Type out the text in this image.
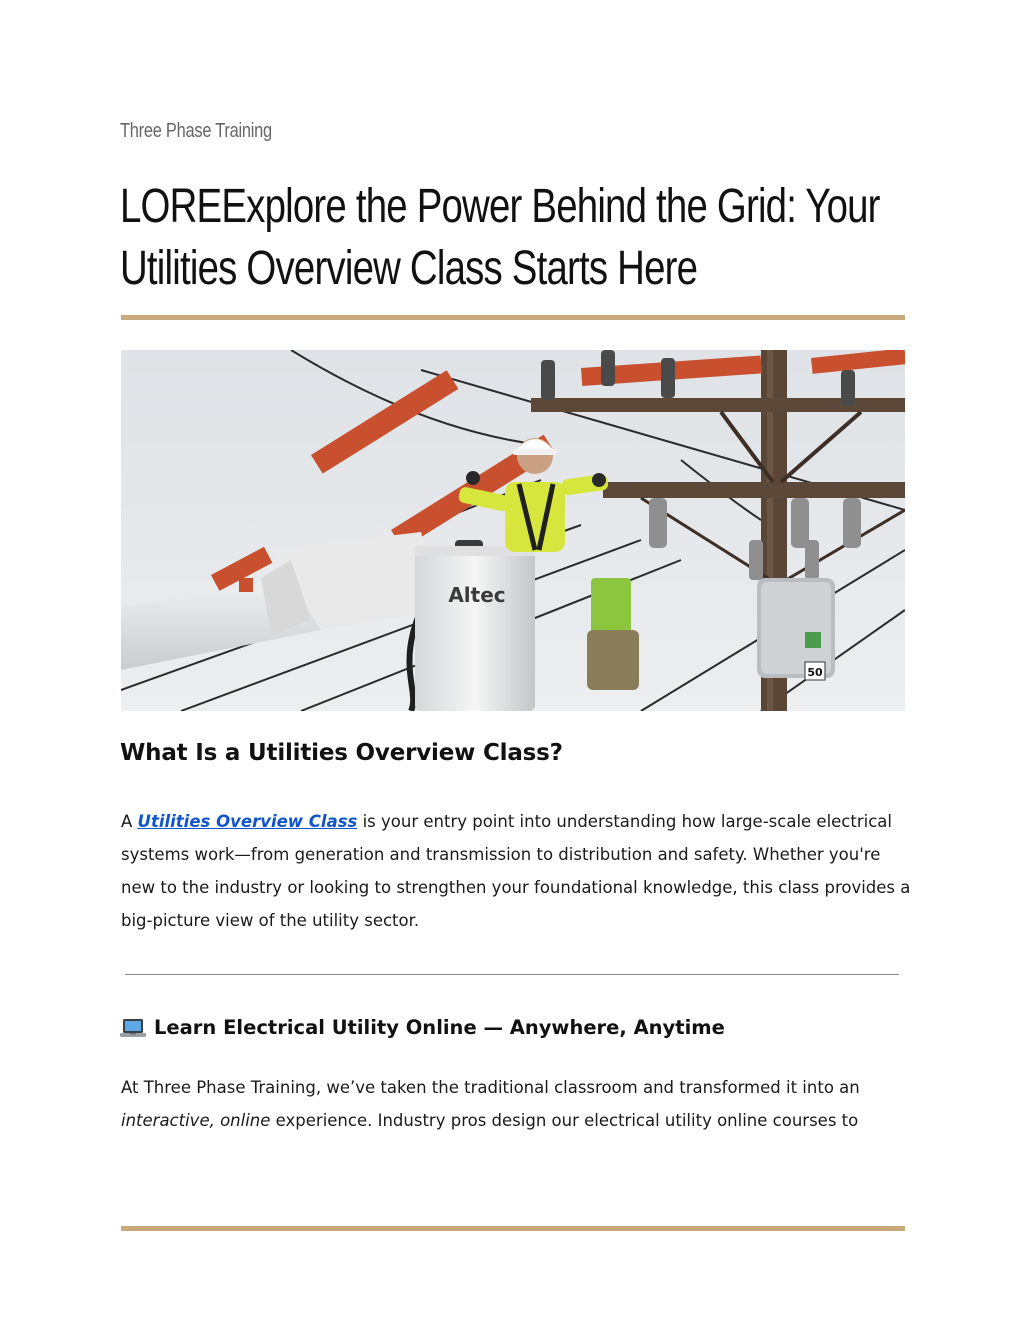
Three Phase Training
LOREExplore the Power Behind the Grid: Your Utilities Overview Class Starts Here
50
Altec
What Is a Utilities Overview Class?

A Utilities Overview Class is your entry point into understanding how large-scale electrical systems work—from generation and transmission to distribution and safety. Whether you're new to the industry or looking to strengthen your foundational knowledge, this class provides a big-picture view of the utility sector.

Learn Electrical Utility Online — Anywhere, Anytime

At Three Phase Training, we’ve taken the traditional classroom and transformed it into an interactive, online experience. Industry pros design our electrical utility online courses to
